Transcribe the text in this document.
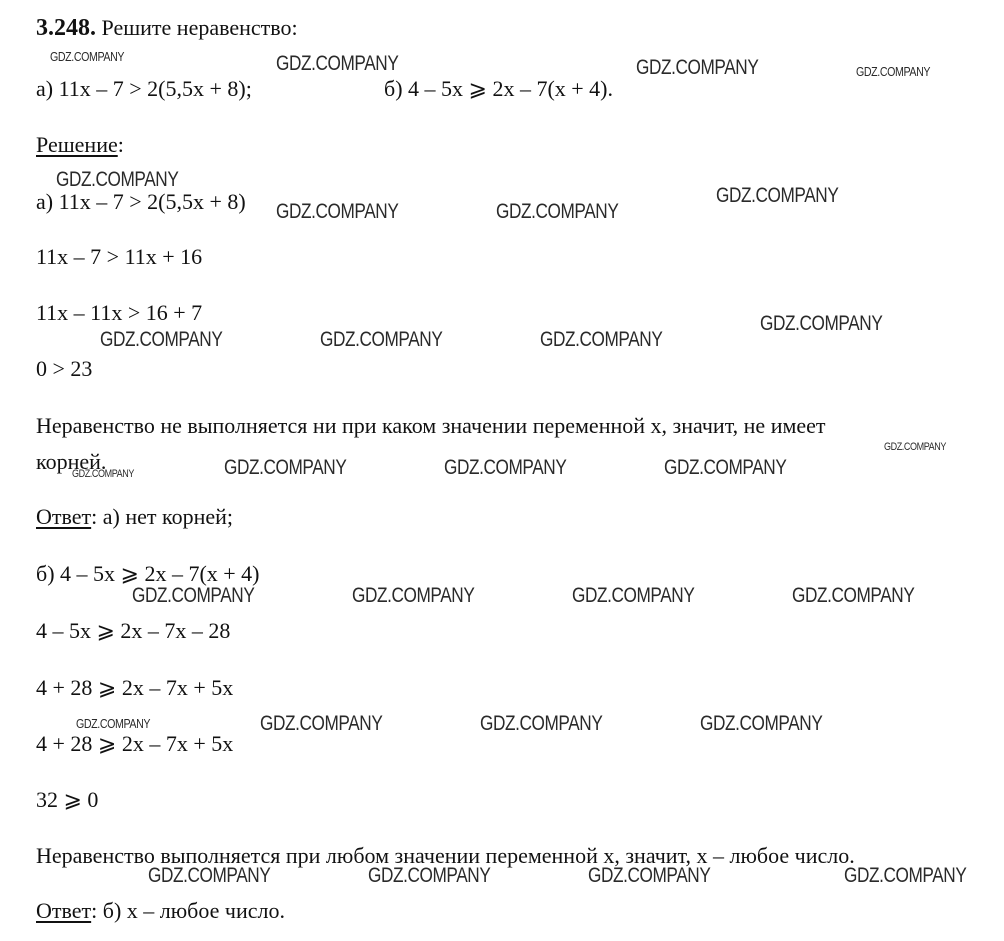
3.248. Решите неравенство:
а) 11x – 7 > 2(5,5x + 8);	б) 4 – 5x ⩾ 2x – 7(x + 4).
Решение:
а) 11x – 7 > 2(5,5x + 8)
11x – 7 > 11x + 16
11x – 11x > 16 + 7
0 > 23
Неравенство не выполняется ни при каком значении переменной x, значит, не имеет
корней.
Ответ: а) нет корней;
б) 4 – 5x ⩾ 2x – 7(x + 4)
4 – 5x ⩾ 2x – 7x – 28
4 + 28 ⩾ 2x – 7x + 5x
4 + 28 ⩾ 2x – 7x + 5x
32 ⩾ 0
Неравенство выполняется при любом значении переменной x, значит, x – любое число.
Ответ: б) x – любое число.
GDZ.COMPANY	GDZ.COMPANY	GDZ.COMPANY	GDZ.COMPANY
GDZ.COMPANY
GDZ.COMPANY	GDZ.COMPANY
GDZ.COMPANY
GDZ.COMPANY	GDZ.COMPANY	GDZ.COMPANY
GDZ.COMPANY
GDZ.COMPANY
GDZ.COMPANY	GDZ.COMPANY	GDZ.COMPANY	GDZ.COMPANY
GDZ.COMPANY	GDZ.COMPANY	GDZ.COMPANY	GDZ.COMPANY
GDZ.COMPANY	GDZ.COMPANY	GDZ.COMPANY	GDZ.COMPANY
GDZ.COMPANY	GDZ.COMPANY	GDZ.COMPANY	GDZ.COMPANY
